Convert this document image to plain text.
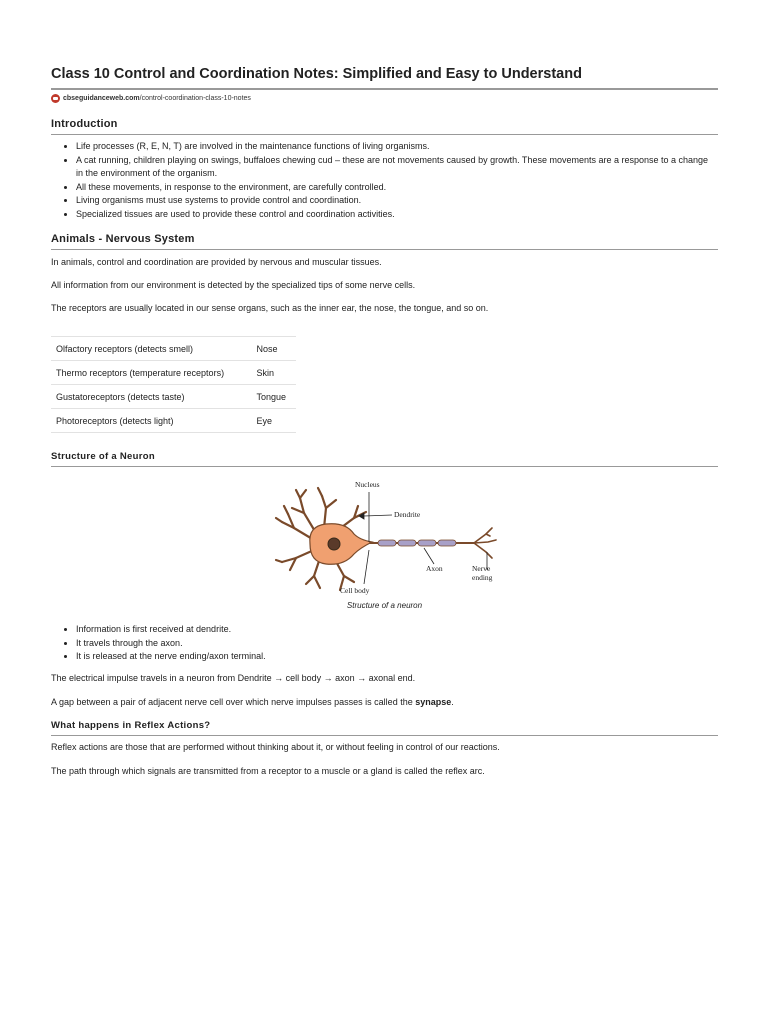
Class 10 Control and Coordination Notes: Simplified and Easy to Understand
cbseguidanceweb.com/control-coordination-class-10-notes
Introduction
• Life processes (R, E, N, T) are involved in the maintenance functions of living organisms.
• A cat running, children playing on swings, buffaloes chewing cud – these are not movements caused by growth. These movements are a response to a change in the environment of the organism.
• All these movements, in response to the environment, are carefully controlled.
• Living organisms must use systems to provide control and coordination.
• Specialized tissues are used to provide these control and coordination activities.
Animals - Nervous System

In animals, control and coordination are provided by nervous and muscular tissues.

All information from our environment is detected by the specialized tips of some nerve cells.

The receptors are usually located in our sense organs, such as the inner ear, the nose, the tongue, and so on.

Olfactory receptors (detects smell)	Nose
Thermo receptors (temperature receptors)	Skin
Gustatoreceptors (detects taste)	Tongue
Photoreceptors (detects light)	Eye
Structure of a Neuron
Nucleus
Dendrite
Axon	Nerve
ending
Cell body
Structure of a neuron
• Information is first received at dendrite.
• It travels through the axon.
• It is released at the nerve ending/axon terminal.

The electrical impulse travels in a neuron from Dendrite → cell body → axon → axonal end.

A gap between a pair of adjacent nerve cell over which nerve impulses passes is called the synapse.

What happens in Reflex Actions?

Reflex actions are those that are performed without thinking about it, or without feeling in control of our reactions.

The path through which signals are transmitted from a receptor to a muscle or a gland is called the reflex arc.
